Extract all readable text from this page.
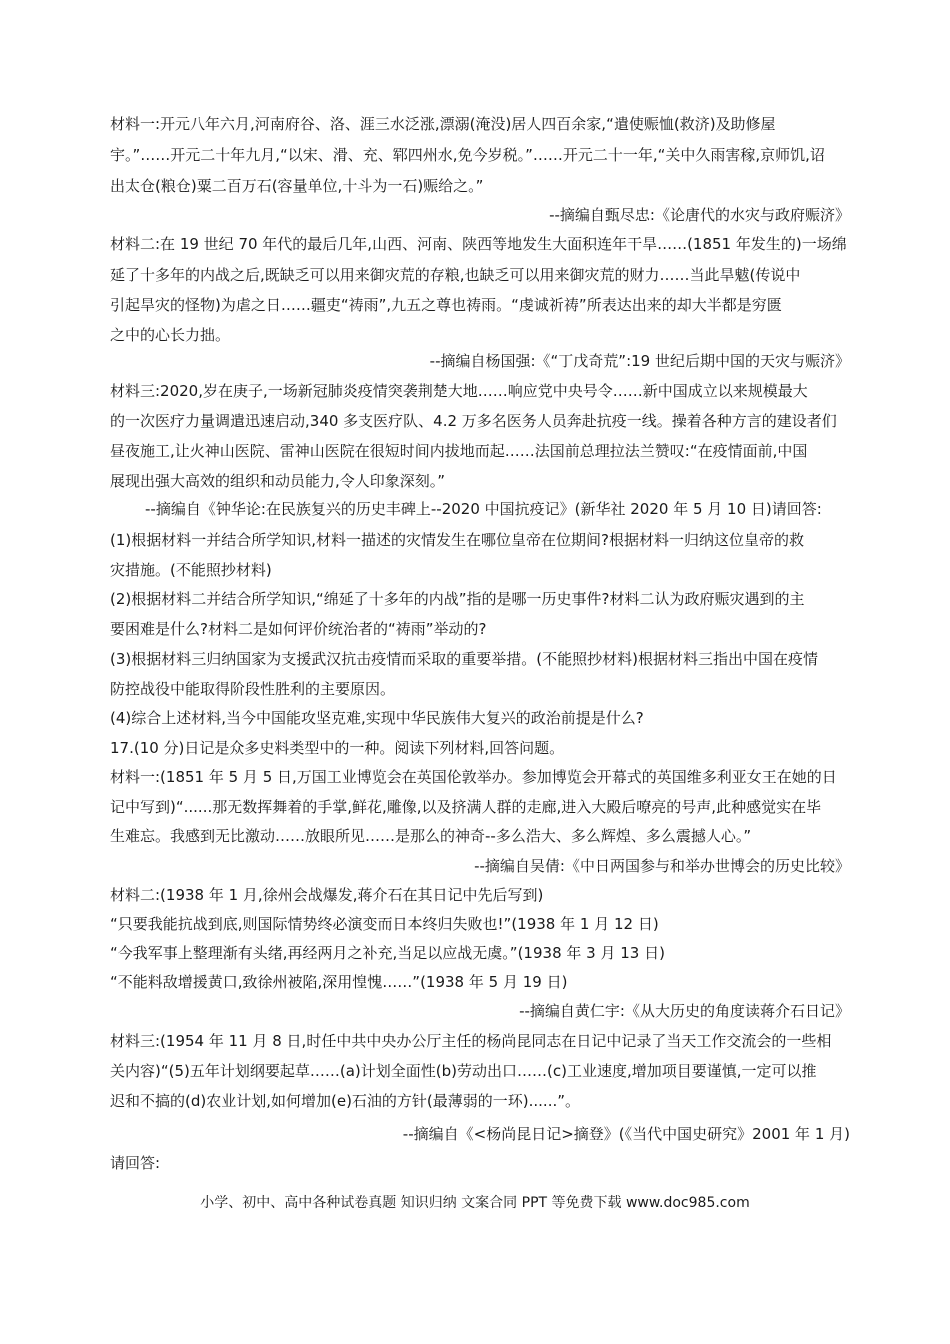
材料一:开元八年六月,河南府谷、洛、涯三水泛涨,漂溺(淹没)居人四百余家,“遣使赈恤(救济)及助修屋
宇。”……开元二十年九月,“以宋、滑、充、郓四州水,免今岁税。”……开元二十一年,“关中久雨害稼,京师饥,诏
出太仓(粮仓)粟二百万石(容量单位,十斗为一石)赈给之。”
--摘编自甄尽忠:《论唐代的水灾与政府赈济》
材料二:在 19 世纪 70 年代的最后几年,山西、河南、陕西等地发生大面积连年干旱……(1851 年发生的)一场绵
延了十多年的内战之后,既缺乏可以用来御灾荒的存粮,也缺乏可以用来御灾荒的财力……当此旱魃(传说中
引起旱灾的怪物)为虐之日……疆吏“祷雨”,九五之尊也祷雨。“虔诚祈祷”所表达出来的却大半都是穷匮
之中的心长力拙。
--摘编自杨国强:《“丁戊奇荒”:19 世纪后期中国的天灾与赈济》
材料三:2020,岁在庚子,一场新冠肺炎疫情突袭荆楚大地……响应党中央号令……新中国成立以来规模最大
的一次医疗力量调遣迅速启动,340 多支医疗队、4.2 万多名医务人员奔赴抗疫一线。操着各种方言的建设者们
昼夜施工,让火神山医院、雷神山医院在很短时间内拔地而起……法国前总理拉法兰赞叹:“在疫情面前,中国
展现出强大高效的组织和动员能力,令人印象深刻。”
--摘编自《钟华论:在民族复兴的历史丰碑上--2020 中国抗疫记》(新华社 2020 年 5 月 10 日)请回答:
(1)根据材料一并结合所学知识,材料一描述的灾情发生在哪位皇帝在位期间?根据材料一归纳这位皇帝的救
灾措施。(不能照抄材料)
(2)根据材料二并结合所学知识,“绵延了十多年的内战”指的是哪一历史事件?材料二认为政府赈灾遇到的主
要困难是什么?材料二是如何评价统治者的“祷雨”举动的?
(3)根据材料三归纳国家为支援武汉抗击疫情而采取的重要举措。(不能照抄材料)根据材料三指出中国在疫情
防控战役中能取得阶段性胜利的主要原因。
(4)综合上述材料,当今中国能攻坚克难,实现中华民族伟大复兴的政治前提是什么?
17.(10 分)日记是众多史料类型中的一种。阅读下列材料,回答问题。
材料一:(1851 年 5 月 5 日,万国工业博览会在英国伦敦举办。参加博览会开幕式的英国维多利亚女王在她的日
记中写到)“......那无数挥舞着的手掌,鲜花,雕像,以及挤满人群的走廊,进入大殿后嘹亮的号声,此种感觉实在毕
生难忘。我感到无比激动……放眼所见……是那么的神奇--多么浩大、多么辉煌、多么震撼人心。”
--摘编自吴倩:《中日两国参与和举办世博会的历史比较》
材料二:(1938 年 1 月,徐州会战爆发,蒋介石在其日记中先后写到)
“只要我能抗战到底,则国际情势终必演变而日本终归失败也!”(1938 年 1 月 12 日)
“今我军事上整理渐有头绪,再经两月之补充,当足以应战无虞。”(1938 年 3 月 13 日)
“不能料敌增援黄口,致徐州被陷,深用惶愧……”(1938 年 5 月 19 日)
--摘编自黄仁宇:《从大历史的角度读蒋介石日记》
材料三:(1954 年 11 月 8 日,时任中共中央办公厅主任的杨尚昆同志在日记中记录了当天工作交流会的一些相
关内容)“(5)五年计划纲要起草……(a)计划全面性(b)劳动出口……(c)工业速度,增加项目要谨慎,一定可以推
迟和不搞的(d)农业计划,如何增加(e)石油的方针(最薄弱的一环)......”。
--摘编自《<杨尚昆日记>摘登》(《当代中国史研究》2001 年 1 月)
请回答:
小学、初中、高中各种试卷真题 知识归纳 文案合同 PPT 等免费下载 www.doc985.com
